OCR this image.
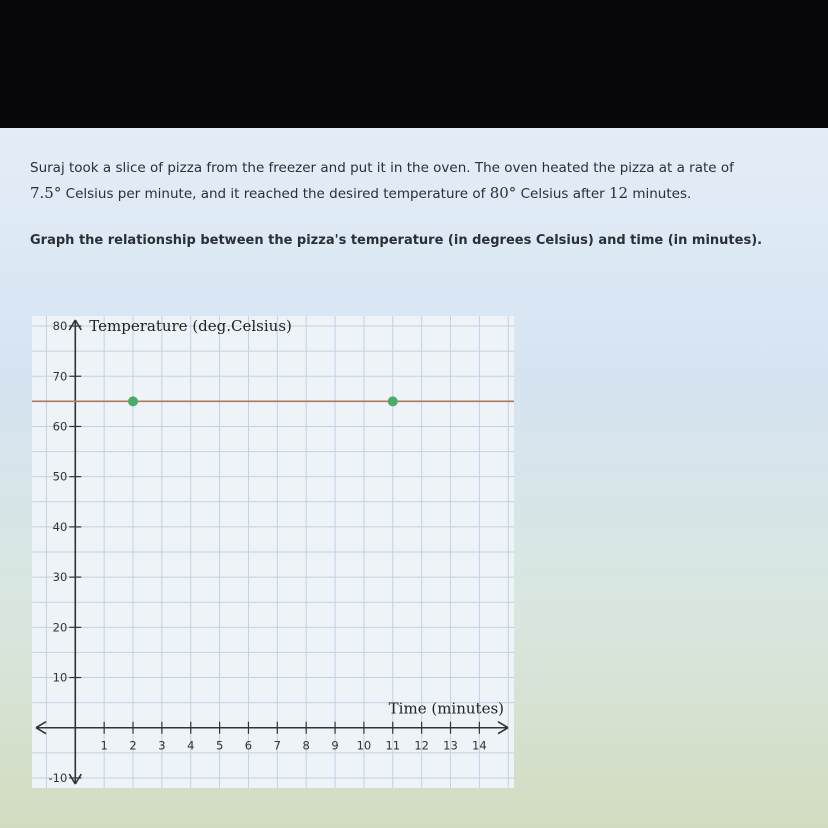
Suraj took a slice of pizza from the freezer and put it in the oven. The oven heated the pizza at a rate of
7.5° Celsius per minute, and it reached the desired temperature of 80° Celsius after 12 minutes.
Graph the relationship between the pizza's temperature (in degrees Celsius) and time (in minutes).
1 2 3 4 5 6 7 8 9 10 11 12 13 14
-10
10
20
30
40
50
60
70
80 Temperature (deg.Celsius)
Time (minutes)
